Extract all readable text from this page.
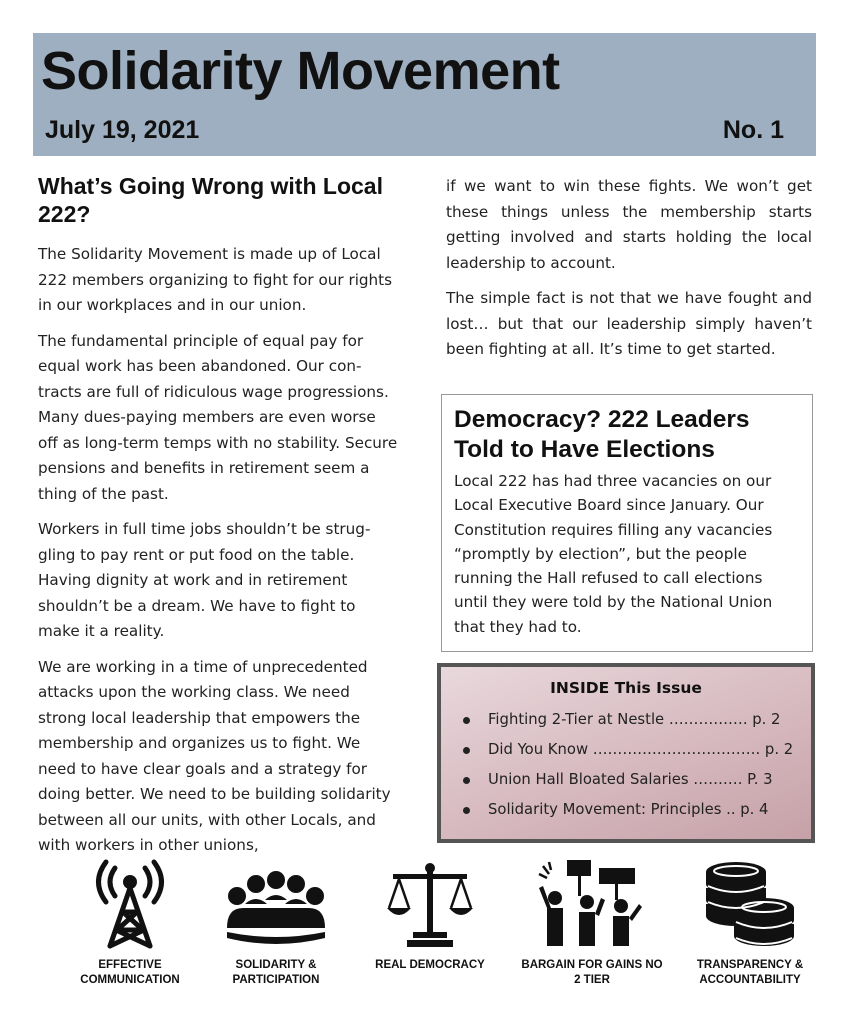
Solidarity Movement
July 19, 2021	No. 1
What’s Going Wrong with Local 222?

The Solidarity Movement is made up of Local 222 members organizing to fight for our rights in our workplaces and in our union.

The fundamental principle of equal pay for equal work has been abandoned. Our contracts are full of ridiculous wage progressions. Many dues-paying members are even worse off as long-term temps with no stability. Secure pensions and benefits in retirement seem a thing of the past.

Workers in full time jobs shouldn’t be struggling to pay rent or put food on the table. Having dignity at work and in retirement shouldn’t be a dream. We have to fight to make it a reality.

We are working in a time of unprecedented attacks upon the working class. We need strong local leadership that empowers the membership and organizes us to fight. We need to have clear goals and a strategy for doing better. We need to be building solidarity between all our units, with other Locals, and with workers in other unions,

if we want to win these fights. We won’t get these things unless the membership starts getting involved and starts holding the local leadership to account.

The simple fact is not that we have fought and lost… but that our leadership simply haven’t been fighting at all. It’s time to get started.

Democracy? 222 Leaders Told to Have Elections

Local 222 has had three vacancies on our Local Executive Board since January. Our Constitution requires filling any vacancies “promptly by election”, but the people running the Hall refused to call elections until they were told by the National Union that they had to.

INSIDE This Issue
Fighting 2-Tier at Nestle ……………. p. 2
Did You Know ……………………………. p. 2
Union Hall Bloated Salaries ………. P. 3
Solidarity Movement: Principles .. p. 4
EFFECTIVE COMMUNICATION
SOLIDARITY & PARTICIPATION
REAL DEMOCRACY	BARGAIN FOR GAINS NO 2 TIER
TRANSPARENCY & ACCOUNTABILITY
